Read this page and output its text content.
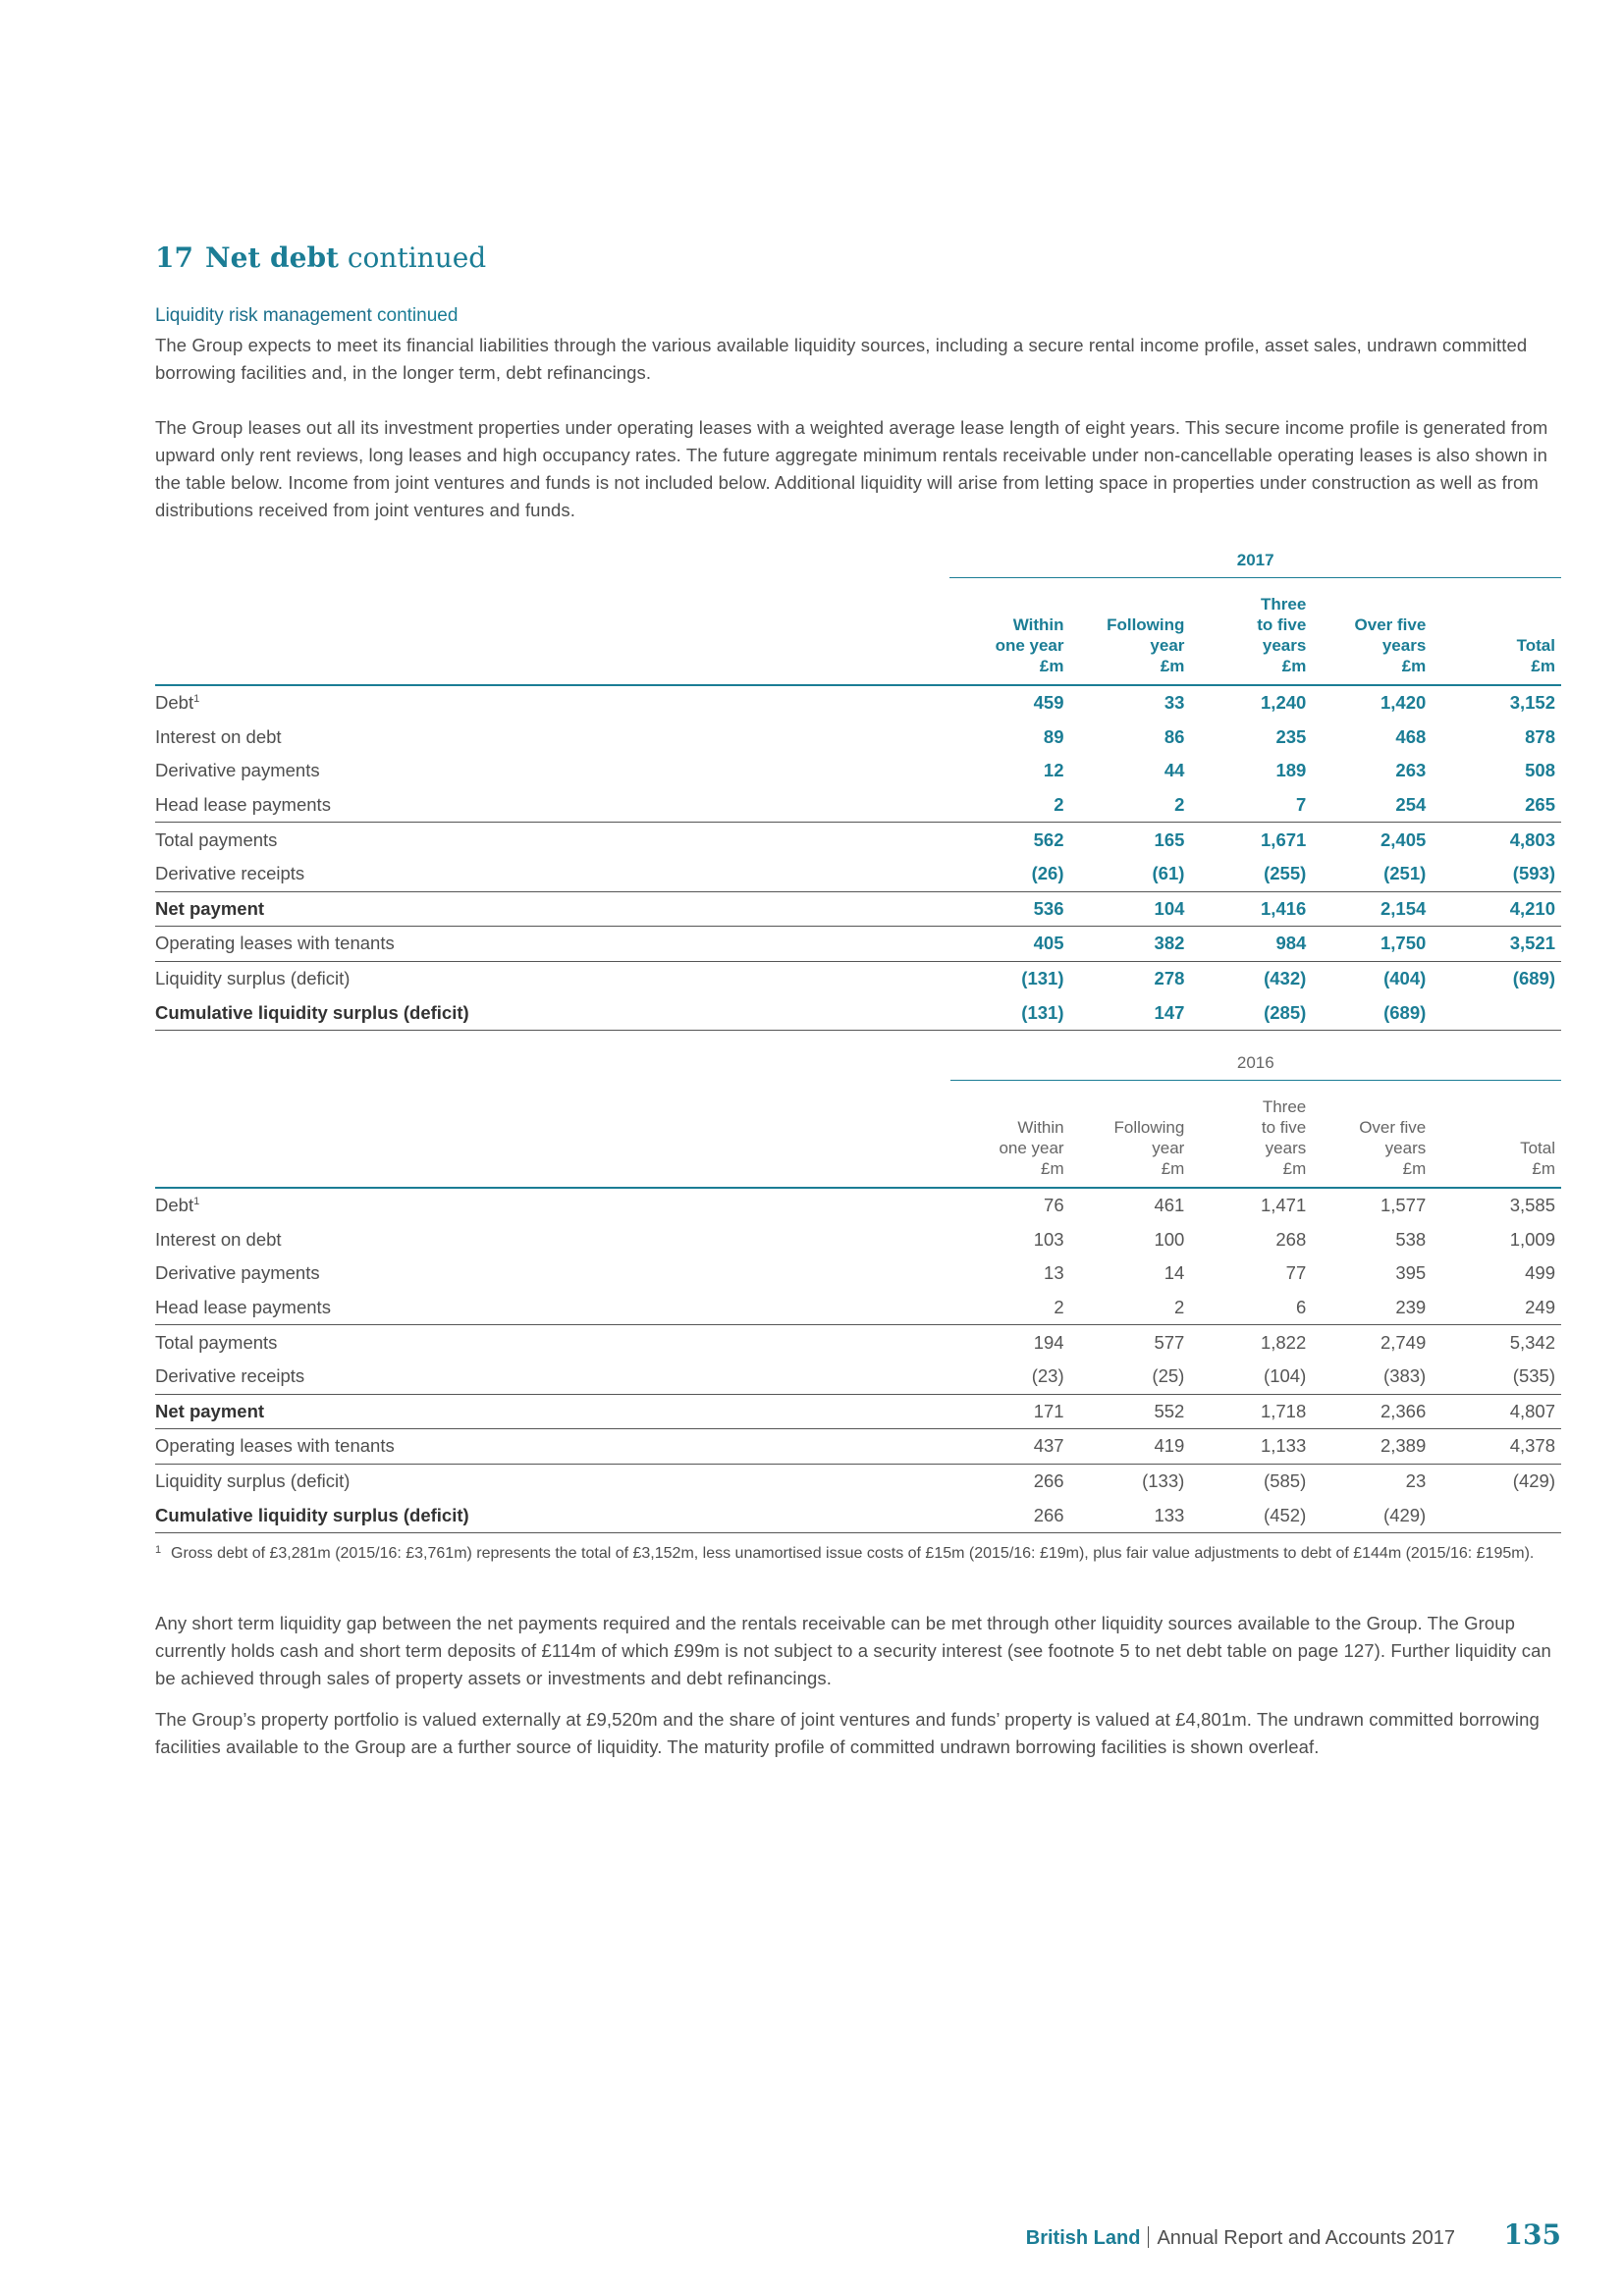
17 Net debt continued
Liquidity risk management continued
The Group expects to meet its financial liabilities through the various available liquidity sources, including a secure rental income profile, asset sales, undrawn committed borrowing facilities and, in the longer term, debt refinancings.
The Group leases out all its investment properties under operating leases with a weighted average lease length of eight years. This secure income profile is generated from upward only rent reviews, long leases and high occupancy rates. The future aggregate minimum rentals receivable under non-cancellable operating leases is also shown in the table below. Income from joint ventures and funds is not included below. Additional liquidity will arise from letting space in properties under construction as well as from distributions received from joint ventures and funds.
	2017				
	Within
one year
£m	Following
year
£m	Three
to five
years
£m	Over five
years
£m	Total
£m
Debt$^1$	459	33	1,240	1,420	3,152
Interest on debt	89	86	235	468	878
Derivative payments	12	44	189	263	508
Head lease payments	2	2	7	254	265
Total payments	562	165	1,671	2,405	4,803
Derivative receipts	(26)	(61)	(255)	(251)	(593)
Net payment	536	104	1,416	2,154	4,210
Operating leases with tenants	405	382	984	1,750	3,521
Liquidity surplus (deficit)	(131)	278	(432)	(404)	(689)
Cumulative liquidity surplus (deficit)	(131)	147	(285)	(689)	
	2016				
	Within
one year
£m	Following
year
£m	Three
to five
years
£m	Over five
years
£m	Total
£m
Debt$^1$	76	461	1,471	1,577	3,585
Interest on debt	103	100	268	538	1,009
Derivative payments	13	14	77	395	499
Head lease payments	2	2	6	239	249
Total payments	194	577	1,822	2,749	5,342
Derivative receipts	(23)	(25)	(104)	(383)	(535)
Net payment	171	552	1,718	2,366	4,807
Operating leases with tenants	437	419	1,133	2,389	4,378
Liquidity surplus (deficit)	266	(133)	(585)	23	(429)
Cumulative liquidity surplus (deficit)	266	133	(452)	(429)	
1 Gross debt of £3,281m (2015/16: £3,761m) represents the total of £3,152m, less unamortised issue costs of £15m (2015/16: £19m), plus fair value adjustments to debt of £144m (2015/16: £195m).
Any short term liquidity gap between the net payments required and the rentals receivable can be met through other liquidity sources available to the Group. The Group currently holds cash and short term deposits of £114m of which £99m is not subject to a security interest (see footnote 5 to net debt table on page 127). Further liquidity can be achieved through sales of property assets or investments and debt refinancings.
The Group’s property portfolio is valued externally at £9,520m and the share of joint ventures and funds’ property is valued at £4,801m. The undrawn committed borrowing facilities available to the Group are a further source of liquidity. The maturity profile of committed undrawn borrowing facilities is shown overleaf.
British Land Annual Report and Accounts 2017 135
